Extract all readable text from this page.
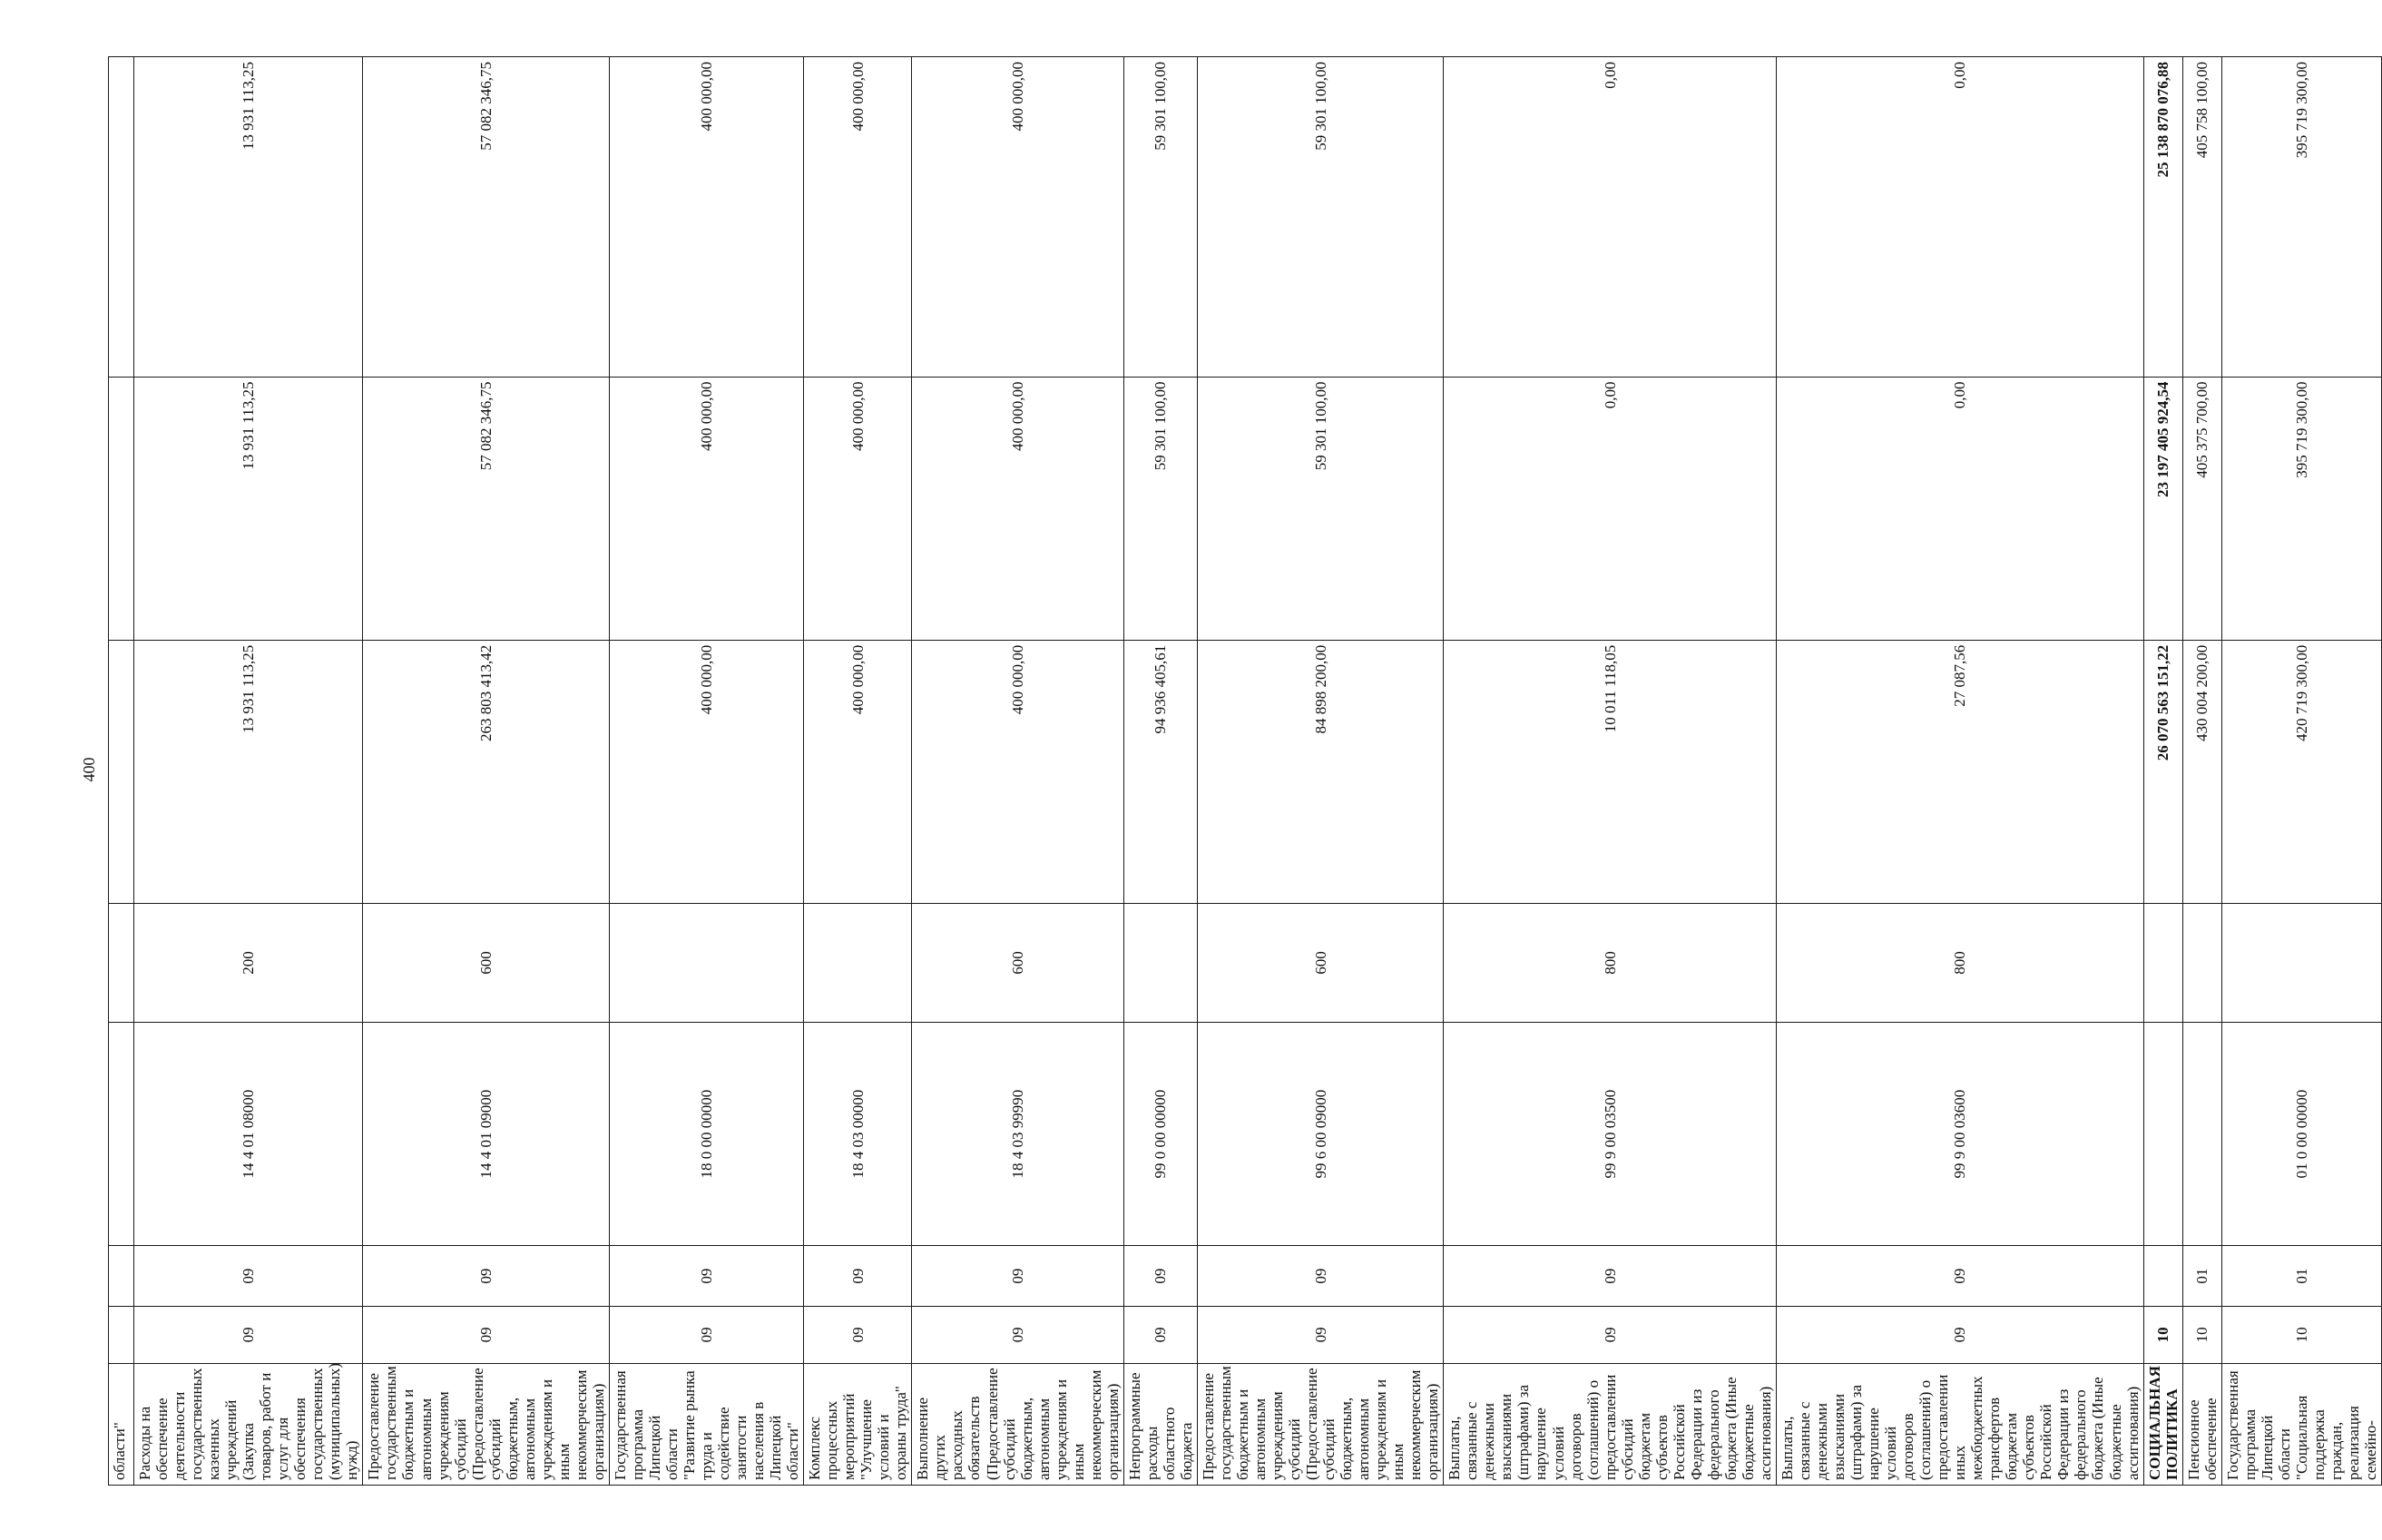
400
области"							
Расходы на обеспечение деятельности государственных казенных учреждений (Закупка товаров, работ и услуг для обеспечения государственных (муниципальных) нужд)	09	09	14 4 01 08000	200	13 931 113,25	13 931 113,25	13 931 113,25
Предоставление государственным бюджетным и автономным учреждениям субсидий (Предоставление субсидий бюджетным, автономным учреждениям и иным некоммерческим организациям)	09	09	14 4 01 09000	600	263 803 413,42	57 082 346,75	57 082 346,75
Государственная программа Липецкой области "Развитие рынка труда и содействие занятости населения в Липецкой области"	09	09	18 0 00 00000		400 000,00	400 000,00	400 000,00
Комплекс процессных мероприятий "Улучшение условий и охраны труда"	09	09	18 4 03 00000		400 000,00	400 000,00	400 000,00
Выполнение других расходных обязательств (Предоставление субсидий бюджетным, автономным учреждениям и иным некоммерческим организациям)	09	09	18 4 03 99990	600	400 000,00	400 000,00	400 000,00
Непрограммные расходы областного бюджета	09	09	99 0 00 00000		94 936 405,61	59 301 100,00	59 301 100,00
Предоставление государственным бюджетным и автономным учреждениям субсидий (Предоставление субсидий бюджетным, автономным учреждениям и иным некоммерческим организациям)	09	09	99 6 00 09000	600	84 898 200,00	59 301 100,00	59 301 100,00
Выплаты, связанные с денежными взысканиями (штрафами) за нарушение условий договоров (соглашений) о предоставлении субсидий бюджетам субъектов Российской Федерации из федерального бюджета (Иные бюджетные ассигнования)	09	09	99 9 00 03500	800	10 011 118,05	0,00	0,00
Выплаты, связанные с денежными взысканиями (штрафами) за нарушение условий договоров (соглашений) о предоставлении иных межбюджетных трансфертов бюджетам субъектов Российской Федерации из федерального бюджета (Иные бюджетные ассигнования)	09	09	99 9 00 03600	800	27 087,56	0,00	0,00
СОЦИАЛЬНАЯ ПОЛИТИКА	10				26 070 563 151,22	23 197 405 924,54	25 138 870 076,88
Пенсионное обеспечение	10	01			430 004 200,00	405 375 700,00	405 758 100,00
Государственная программа Липецкой области "Социальная поддержка граждан, реализация семейно-	10	01	01 0 00 00000		420 719 300,00	395 719 300,00	395 719 300,00
